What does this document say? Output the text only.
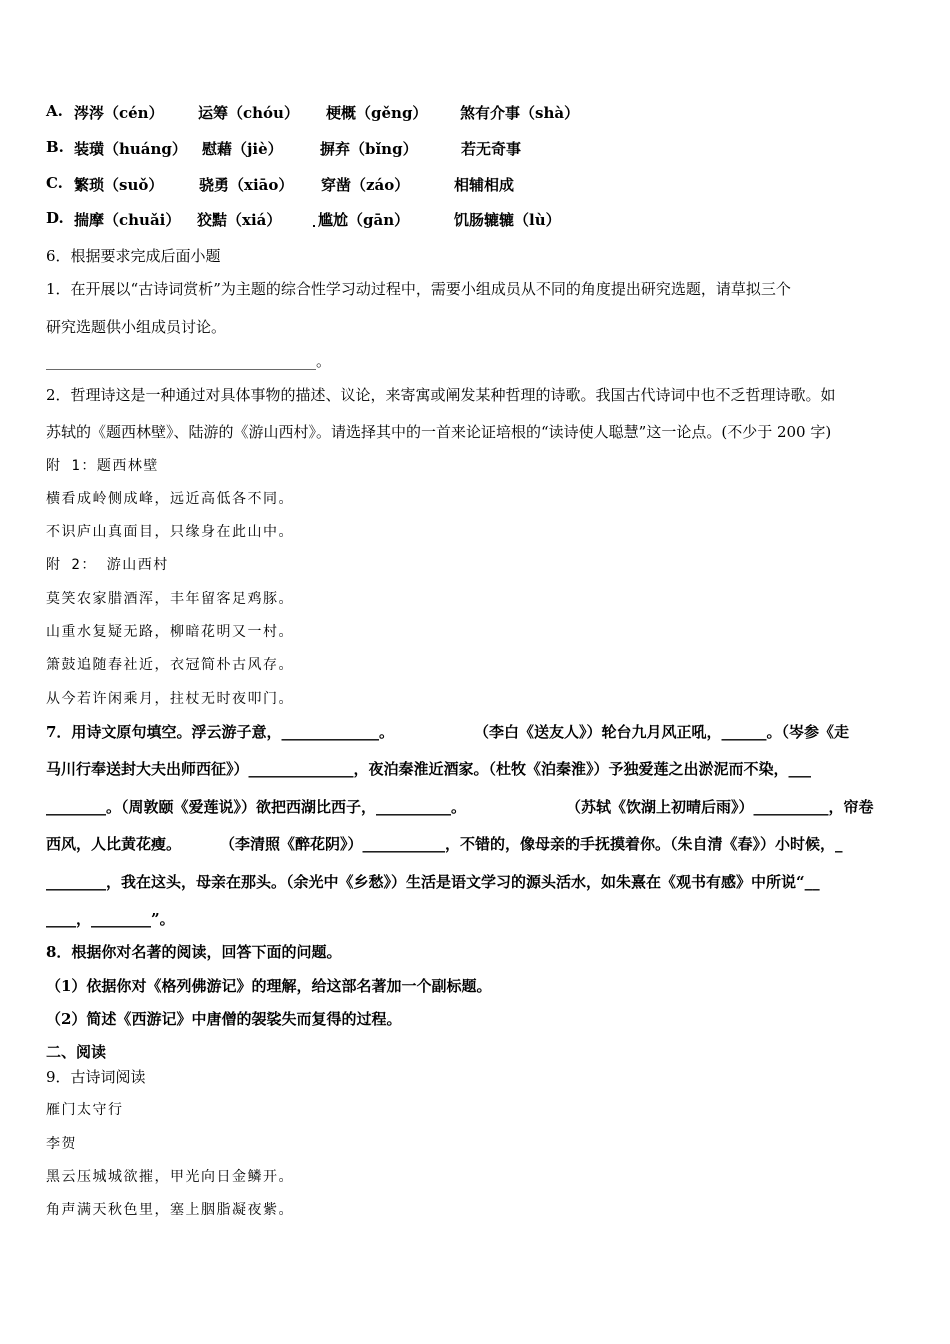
A. 涔涔（cén） 运筹（chóu） 梗概（gěng） 煞有介事（shà）
B. 装璜（huáng） 慰藉（jiè） 摒弃（bǐng）	若无奇事
C. 繁琐（suǒ） 骁勇（xiāo） 穿凿（záo）	相辅相成
D. 揣摩（chuǎi） 狡黠（xiá） 尴尬（gān）	饥肠辘辘（lù）
6．根据要求完成后面小题
1．在开展以“古诗词赏析”为主题的综合性学习动过程中，需要小组成员从不同的角度提出研究选题，请草拟三个
研究选题供小组成员讨论。
____________________________________。
2．哲理诗这是一种通过对具体事物的描述、议论，来寄寓或阐发某种哲理的诗歌。我国古代诗词中也不乏哲理诗歌。如
苏轼的《题西林壁》、陆游的《游山西村》。请选择其中的一首来论证培根的“读诗使人聪慧”这一论点。(不少于 200 字)
附 1：题西林壁
横看成岭侧成峰，远近高低各不同。
不识庐山真面目，只缘身在此山中。
附 2： 游山西村
莫笑农家腊酒浑，丰年留客足鸡豚。
山重水复疑无路，柳暗花明又一村。
箫鼓追随春社近，衣冠简朴古风存。
从今若许闲乘月，拄杖无时夜叩门。
7．用诗文原句填空。浮云游子意，_____________。	（李白《送友人》）轮台九月风正吼，______。（岑参《走
马川行奉送封大夫出师西征》）______________，夜泊秦淮近酒家。（杜牧《泊秦淮》）予独爱莲之出淤泥而不染，___
________。（周敦颐《爱莲说》）欲把西湖比西子，__________。	（苏轼《饮湖上初晴后雨》）__________，帘卷
西风，人比黄花瘦。	（李清照《醉花阴》）___________，不错的，像母亲的手抚摸着你。（朱自清《春》）小时候，_
________，我在这头，母亲在那头。（余光中《乡愁》）生活是语文学习的源头活水，如朱熹在《观书有感》中所说“__
____，________”。
8．根据你对名著的阅读，回答下面的问题。
（1）依据你对《格列佛游记》的理解，给这部名著加一个副标题。
（2）简述《西游记》中唐僧的袈裟失而复得的过程。
二、阅读
9．古诗词阅读
雁门太守行
李贺
黑云压城城欲摧，甲光向日金鳞开。
角声满天秋色里，塞上胭脂凝夜紫。
